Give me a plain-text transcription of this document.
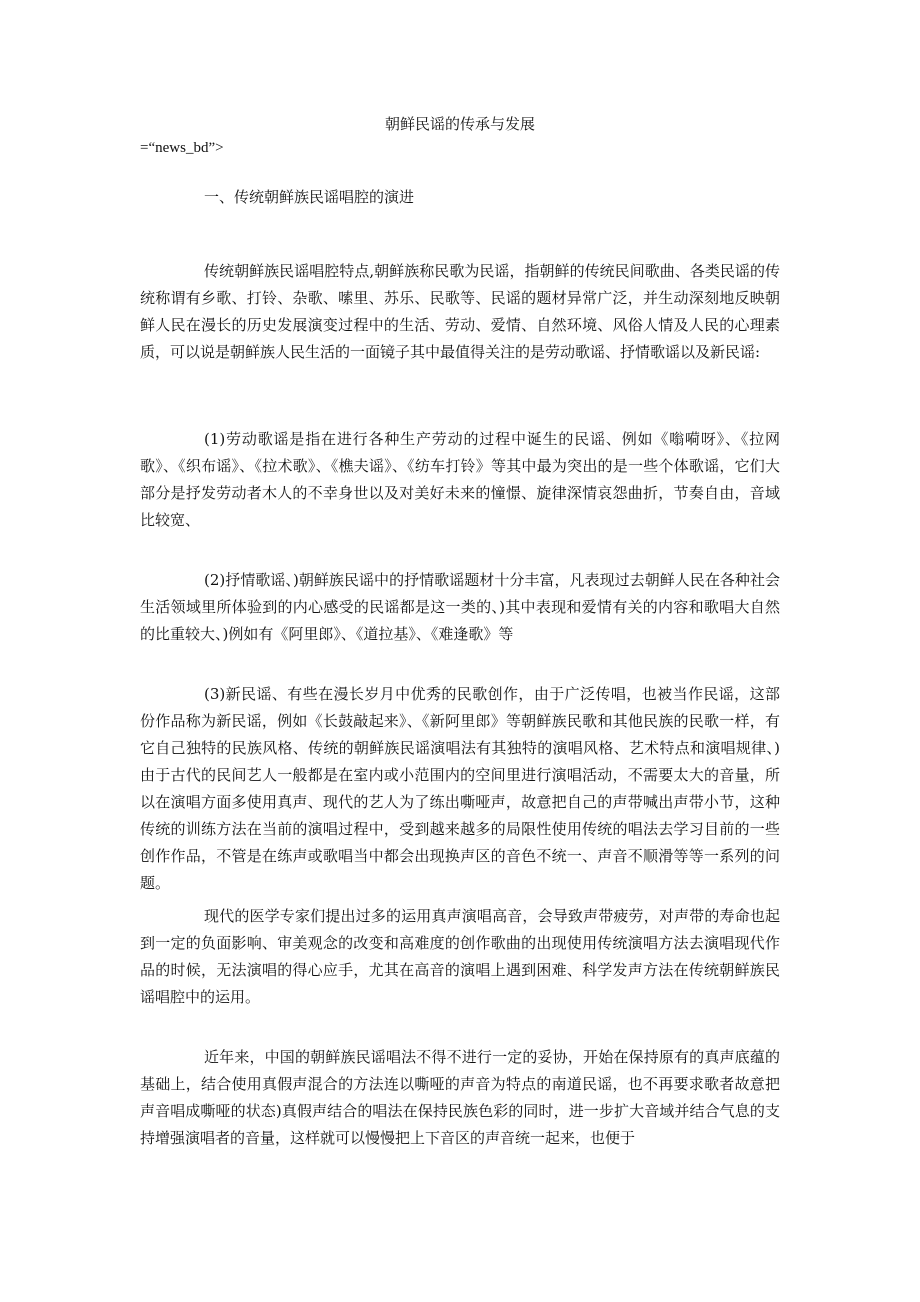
朝鲜民谣的传承与发展
=“news_bd”>
一、传统朝鲜族民谣唱腔的演进

传统朝鲜族民谣唱腔特点,朝鲜族称民歌为民谣，指朝鲜的传统民间歌曲、各类民谣的传统称谓有乡歌、打铃、杂歌、嗦里、苏乐、民歌等、民谣的题材异常广泛，并生动深刻地反映朝鲜人民在漫长的历史发展演变过程中的生活、劳动、爱情、自然环境、风俗人情及人民的心理素质，可以说是朝鲜族人民生活的一面镜子其中最值得关注的是劳动歌谣、抒情歌谣以及新民谣:

(1)劳动歌谣是指在进行各种生产劳动的过程中诞生的民谣、例如《嗡嗬呀》、《拉网歌》、《织布谣》、《拉术歌》、《樵夫谣》、《纺车打铃》等其中最为突出的是一些个体歌谣，它们大部分是抒发劳动者木人的不幸身世以及对美好未来的憧憬、旋律深情哀怨曲折，节奏自由，音域比较宽、

(2)抒情歌谣、)朝鲜族民谣中的抒情歌谣题材十分丰富，凡表现过去朝鲜人民在各种社会生活领域里所体验到的内心感受的民谣都是这一类的、)其中表现和爱情有关的内容和歌唱大自然的比重较大、)例如有《阿里郎》、《道拉基》、《难逢歌》等

(3)新民谣、有些在漫长岁月中优秀的民歌创作，由于广泛传唱，也被当作民谣，这部份作品称为新民谣，例如《长鼓敲起来》、《新阿里郎》等朝鲜族民歌和其他民族的民歌一样，有它自己独特的民族风格、传统的朝鲜族民谣演唱法有其独特的演唱风格、艺术特点和演唱规律、)由于古代的民间艺人一般都是在室内或小范围内的空间里进行演唱活动，不需要太大的音量，所以在演唱方面多使用真声、现代的艺人为了练出嘶哑声，故意把自己的声带喊出声带小节，这种传统的训练方法在当前的演唱过程中，受到越来越多的局限性使用传统的唱法去学习目前的一些创作作品，不管是在练声或歌唱当中都会出现换声区的音色不统一、声音不顺滑等等一系列的问题。

现代的医学专家们提出过多的运用真声演唱高音，会导致声带疲劳，对声带的寿命也起到一定的负面影响、审美观念的改变和高难度的创作歌曲的出现使用传统演唱方法去演唱现代作品的时候，无法演唱的得心应手，尤其在高音的演唱上遇到困难、科学发声方法在传统朝鲜族民谣唱腔中的运用。

近年来，中国的朝鲜族民谣唱法不得不进行一定的妥协，开始在保持原有的真声底蕴的基础上，结合使用真假声混合的方法连以嘶哑的声音为特点的南道民谣，也不再要求歌者故意把声音唱成嘶哑的状态)真假声结合的唱法在保持民族色彩的同时，进一步扩大音域并结合气息的支持增强演唱者的音量，这样就可以慢慢把上下音区的声音统一起来，也便于
